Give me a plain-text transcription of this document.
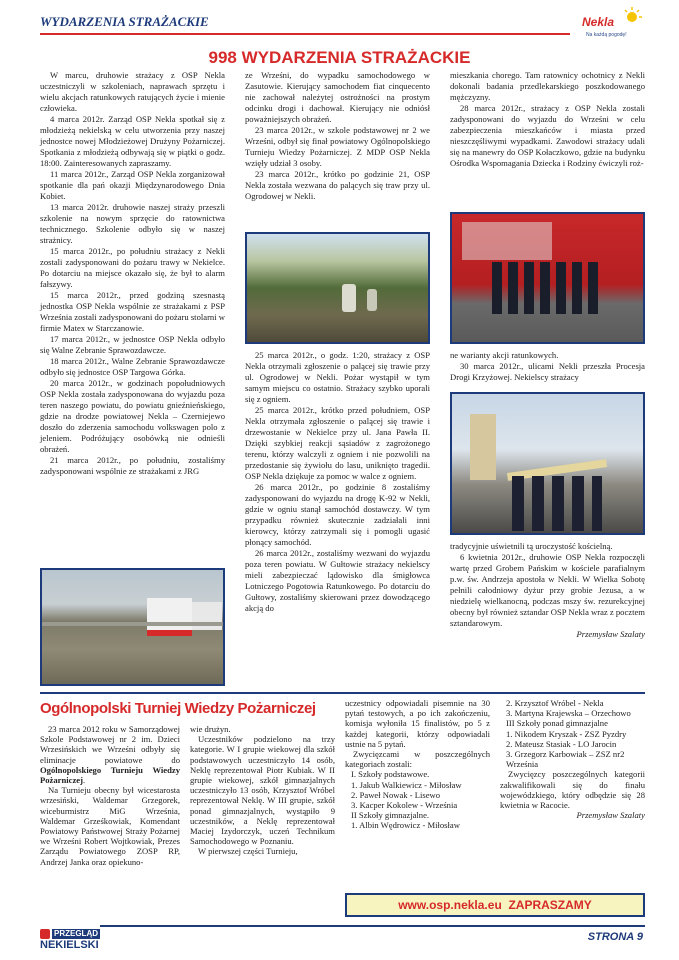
WYDARZENIA STRAŻACKIE	Nekla
Na każdą pogodę!
998 WYDARZENIA STRAŻACKIE

W marcu, druhowie strażacy z OSP Nekla uczestniczyli w szkoleniach, naprawach sprzętu i wielu akcjach ratunkowych ratujących życie i mienie człowieka.

4 marca 2012r. Zarząd OSP Nekla spotkał się z młodzieżą nekielską w celu utworzenia przy naszej jednostce nowej Młodzieżowej Drużyny Pożarniczej. Spotkania z młodzieżą odbywają się w piątki o godz. 18:00. Zainteresowanych zapraszamy.

11 marca 2012r., Zarząd OSP Nekla zorganizował spotkanie dla pań okazji Międzynarodowego Dnia Kobiet.

13 marca 2012r. druhowie naszej straży przeszli szkolenie na nowym sprzęcie do ratownictwa technicznego. Szkolenie odbyło się w naszej strażnicy.

15 marca 2012r., po południu strażacy z Nekli zostali zadysponowani do pożaru trawy w Nekielce. Po dotarciu na miejsce okazało się, że był to alarm fałszywy.

15 marca 2012r., przed godziną szesnastą jednostka OSP Nekla wspólnie ze strażakami z PSP Września zostali zadysponowani do pożaru stolarni w firmie Matex w Starczanowie.

17 marca 2012r., w jednostce OSP Nekla odbyło się Walne Zebranie Sprawozdawcze.

18 marca 2012r., Walne Zebranie Sprawozdawcze odbyło się jednostce OSP Targowa Górka.

20 marca 2012r., w godzinach popołudniowych OSP Nekla została zadysponowana do wyjazdu poza teren naszego powiatu, do powiatu gnieźnieńskiego, gdzie na drodze powiatowej Nekla – Czerniejewo doszło do zderzenia samochodu volkswagen polo z jeleniem. Podróżujący osobówką nie odnieśli obrażeń.

21 marca 2012r., po południu, zostaliśmy zadysponowani wspólnie ze strażakami z JRG

ze Wrześni, do wypadku samochodowego w Zasutowie. Kierujący samochodem fiat cinquecento nie zachował należytej ostrożności na prostym odcinku drogi i dachował. Kierujący nie odniósł poważniejszych obrażeń.

23 marca 2012r., w szkole podstawowej nr 2 we Wrześni, odbył się finał powiatowy Ogólnopolskiego Turnieju Wiedzy Pożarniczej. Z MDP OSP Nekla wzięły udział 3 osoby.

23 marca 2012r., krótko po godzinie 21, OSP Nekla została wezwana do palących się traw przy ul. Ogrodowej w Nekli.

25 marca 2012r., o godz. 1:20, strażacy z OSP Nekla otrzymali zgłoszenie o palącej się trawie przy ul. Ogrodowej w Nekli. Pożar wystąpił w tym samym miejscu co ostatnio. Strażacy szybko uporali się z ogniem.

25 marca 2012r., krótko przed południem, OSP Nekla otrzymała zgłoszenie o palącej się trawie i drzewostanie w Nekielce przy ul. Jana Pawła II. Dzięki szybkiej reakcji sąsiadów z zagrożonego terenu, którzy walczyli z ogniem i nie pozwolili na przedostanie się żywiołu do lasu, uniknięto tragedii. OSP Nekla dziękuje za pomoc w walce z ogniem.

26 marca 2012r., po godzinie 8 zostaliśmy zadysponowani do wyjazdu na drogę K-92 w Nekli, gdzie w ogniu stanął samochód dostawczy. W tym przypadku również skutecznie zadziałali inni kierowcy, którzy zatrzymali się i pomogli ugasić płonący samochód.

26 marca 2012r., zostaliśmy wezwani do wyjazdu poza teren powiatu. W Gułtowie strażacy nekielscy mieli zabezpieczać lądowisko dla śmigłowca Lotniczego Pogotowia Ratunkowego. Po dotarciu do Gułtowy, zostaliśmy skierowani przez dowodzącego akcją do

mieszkania chorego. Tam ratownicy ochotnicy z Nekli dokonali badania przedlekarskiego poszkodowanego mężczyzny.

28 marca 2012r., strażacy z OSP Nekla zostali zadysponowani do wyjazdu do Wrześni w celu zabezpieczenia mieszkańców i miasta przed nieszczęśliwymi wypadkami. Zawodowi strażacy udali się na manewry do OSP Kołaczkowo, gdzie na budynku Ośrodka Wspomagania Dziecka i Rodziny ćwiczyli roż-

ne warianty akcji ratunkowych.

30 marca 2012r., ulicami Nekli przeszła Procesja Drogi Krzyżowej. Nekielscy strażacy

tradycyjnie uświetnili tą uroczystość kościelną.

6 kwietnia 2012r., druhowie OSP Nekla rozpoczęli wartę przed Grobem Pańskim w kościele parafialnym p.w. św. Andrzeja apostoła w Nekli. W Wielka Sobotę pełnili całodniowy dyżur przy grobie Jezusa, a w niedzielę wielkanocną, podczas mszy św. rezurekcyjnej obecny był również sztandar OSP Nekla wraz z pocztem sztandarowym.

Przemysław Szalaty

Ogólnopolski Turniej Wiedzy Pożarniczej

23 marca 2012 roku w Samorządowej Szkole Podstawowej nr 2 im. Dzieci Wrzesińskich we Wrześni odbyły się eliminacje powiatowe do Ogólnopolskiego Turnieju Wiedzy Pożarniczej.

Na Turnieju obecny był wicestarosta wrzesiński, Waldemar Grzegorek, wiceburmistrz MiG Września, Waldemar Grześkowiak, Komendant Powiatowy Państwowej Straży Pożarnej we Wrześni Robert Wojtkowiak, Prezes Zarządu Powiatowego ZOSP RP, Andrzej Janka oraz opiekuno-

wie drużyn.

Uczestników podzielono na trzy kategorie. W I grupie wiekowej dla szkół podstawowych uczestniczyło 14 osób, Neklę reprezentował Piotr Kubiak. W II grupie wiekowej, szkół gimnazjalnych uczestniczyło 13 osób, Krzysztof Wróbel reprezentował Neklę. W III grupie, szkół ponad gimnazjalnych, wystąpiło 9 uczestników, a Neklę reprezentował Maciej Izydorczyk, uczeń Technikum Samochodowego w Poznaniu.

W pierwszej części Turnieju,

uczestnicy odpowiadali pisemnie na 30 pytań testowych, a po ich zakończeniu, komisja wyłoniła 15 finalistów, po 5 z każdej kategorii, którzy odpowiadali ustnie na 5 pytań.

Zwycięzcami w poszczególnych kategoriach zostali:

I. Szkoły podstawowe.
1. Jakub Walkiewicz - Miłosław
2. Paweł Nowak - Lisewo
3. Kacper Kokolew - Września
II Szkoły gimnazjalne.
1. Albin Wędrowicz - Miłosław
2. Krzysztof Wróbel - Nekla
3. Martyna Krajewska – Orzechowo
III Szkoły ponad gimnazjalne
1. Nikodem Kryszak - ZSZ Pyzdry
2. Mateusz Stasiak - LO Jarocin
3. Grzegorz Karbowiak – ZSZ nr2 Września

Zwycięzcy poszczególnych kategorii zakwalifikowali się do finału wojewódzkiego, który odbędzie się 28 kwietnia w Racocie.

Przemysław Szalaty

www.osp.nekla.eu ZAPRASZAMY
PRZEGLĄD
NEKIELSKI
STRONA 9
